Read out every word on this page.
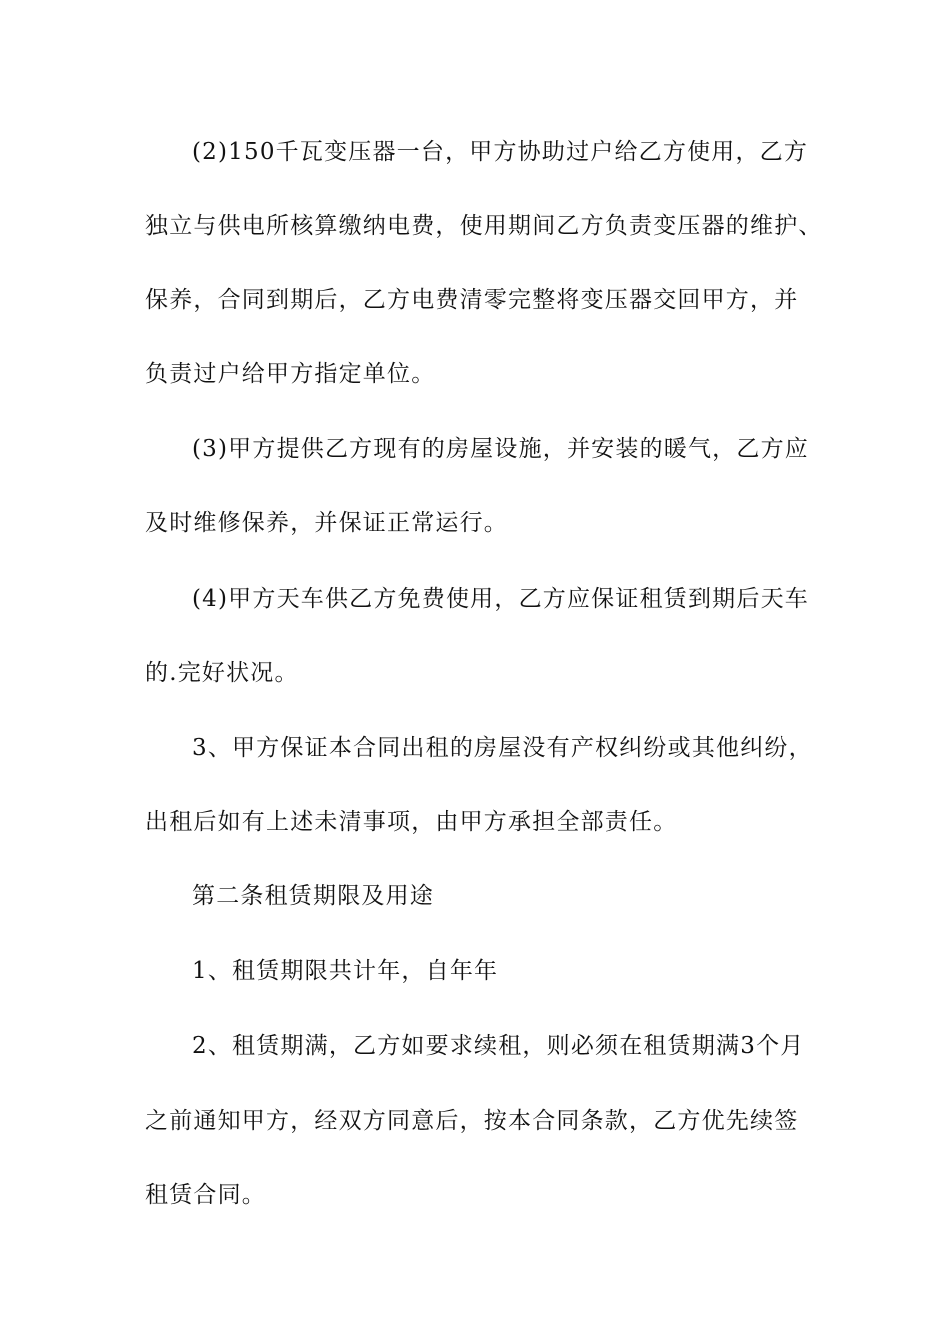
(2)150千瓦变压器一台，甲方协助过户给乙方使用，乙方
独立与供电所核算缴纳电费，使用期间乙方负责变压器的维护、
保养，合同到期后，乙方电费清零完整将变压器交回甲方，并
负责过户给甲方指定单位。
(3)甲方提供乙方现有的房屋设施，并安装的暖气，乙方应
及时维修保养，并保证正常运行。
(4)甲方天车供乙方免费使用，乙方应保证租赁到期后天车
的.完好状况。
3、甲方保证本合同出租的房屋没有产权纠纷或其他纠纷，
出租后如有上述未清事项，由甲方承担全部责任。
第二条租赁期限及用途
1、租赁期限共计年，自年年
2、租赁期满，乙方如要求续租，则必须在租赁期满3个月
之前通知甲方，经双方同意后，按本合同条款，乙方优先续签
租赁合同。
